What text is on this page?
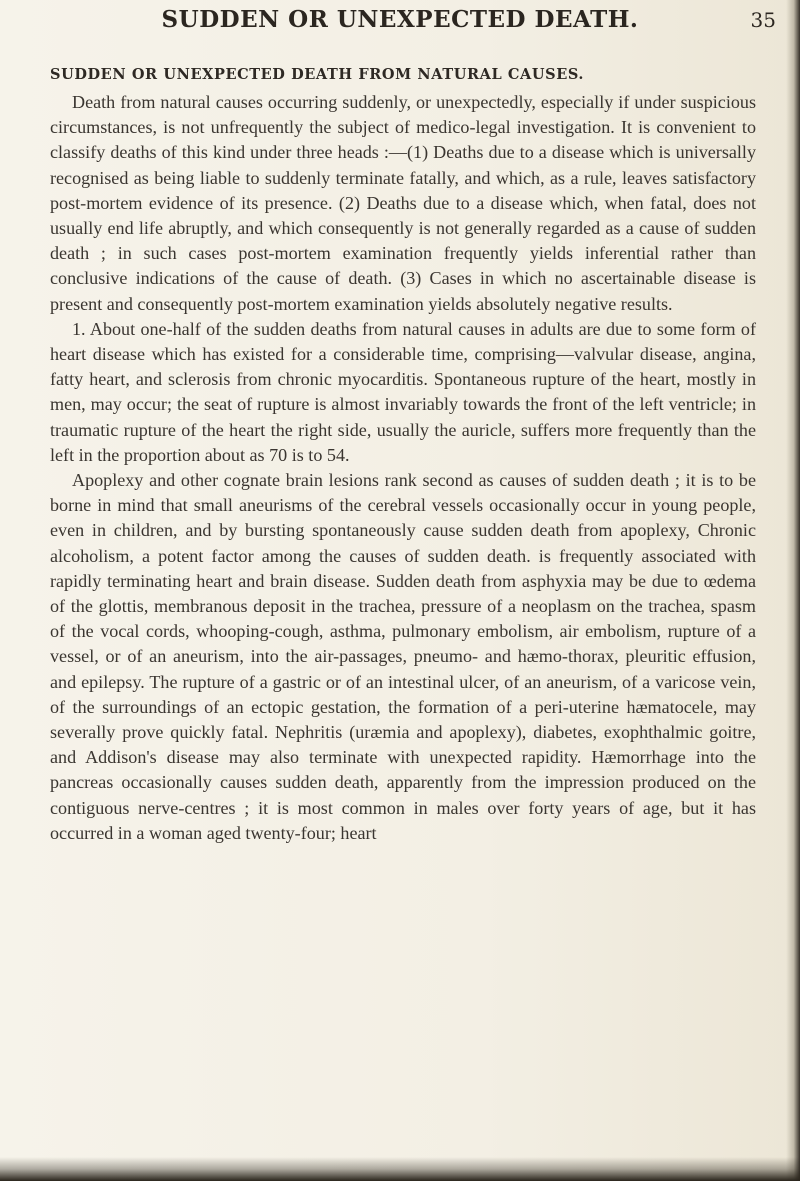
SUDDEN OR UNEXPECTED DEATH.	35

SUDDEN OR UNEXPECTED DEATH FROM NATURAL CAUSES.

Death from natural causes occurring suddenly, or unexpectedly, especially if under suspicious circumstances, is not unfrequently the subject of medico-legal investigation. It is convenient to classify deaths of this kind under three heads :—(1) Deaths due to a disease which is universally recognised as being liable to suddenly terminate fatally, and which, as a rule, leaves satisfactory post-mortem evidence of its presence. (2) Deaths due to a disease which, when fatal, does not usually end life abruptly, and which consequently is not generally regarded as a cause of sudden death ; in such cases post-mortem examination frequently yields inferential rather than conclusive indications of the cause of death. (3) Cases in which no ascertainable disease is present and consequently post-mortem examination yields absolutely negative results.

1. About one-half of the sudden deaths from natural causes in adults are due to some form of heart disease which has existed for a considerable time, comprising—valvular disease, angina, fatty heart, and sclerosis from chronic myocarditis. Spontaneous rupture of the heart, mostly in men, may occur; the seat of rupture is almost invariably towards the front of the left ventricle; in traumatic rupture of the heart the right side, usually the auricle, suffers more frequently than the left in the proportion about as 70 is to 54.

Apoplexy and other cognate brain lesions rank second as causes of sudden death ; it is to be borne in mind that small aneurisms of the cerebral vessels occasionally occur in young people, even in children, and by bursting spontaneously cause sudden death from apoplexy, Chronic alcoholism, a potent factor among the causes of sudden death. is frequently associated with rapidly terminating heart and brain disease. Sudden death from asphyxia may be due to œdema of the glottis, membranous deposit in the trachea, pressure of a neoplasm on the trachea, spasm of the vocal cords, whooping-cough, asthma, pulmonary embolism, air embolism, rupture of a vessel, or of an aneurism, into the air-passages, pneumo- and hæmo-thorax, pleuritic effusion, and epilepsy. The rupture of a gastric or of an intestinal ulcer, of an aneurism, of a varicose vein, of the surroundings of an ectopic gestation, the formation of a peri-uterine hæmatocele, may severally prove quickly fatal. Nephritis (uræmia and apoplexy), diabetes, exophthalmic goitre, and Addison's disease may also terminate with unexpected rapidity. Hæmorrhage into the pancreas occasionally causes sudden death, apparently from the impression produced on the contiguous nerve-centres ; it is most common in males over forty years of age, but it has occurred in a woman aged twenty-four; heart
